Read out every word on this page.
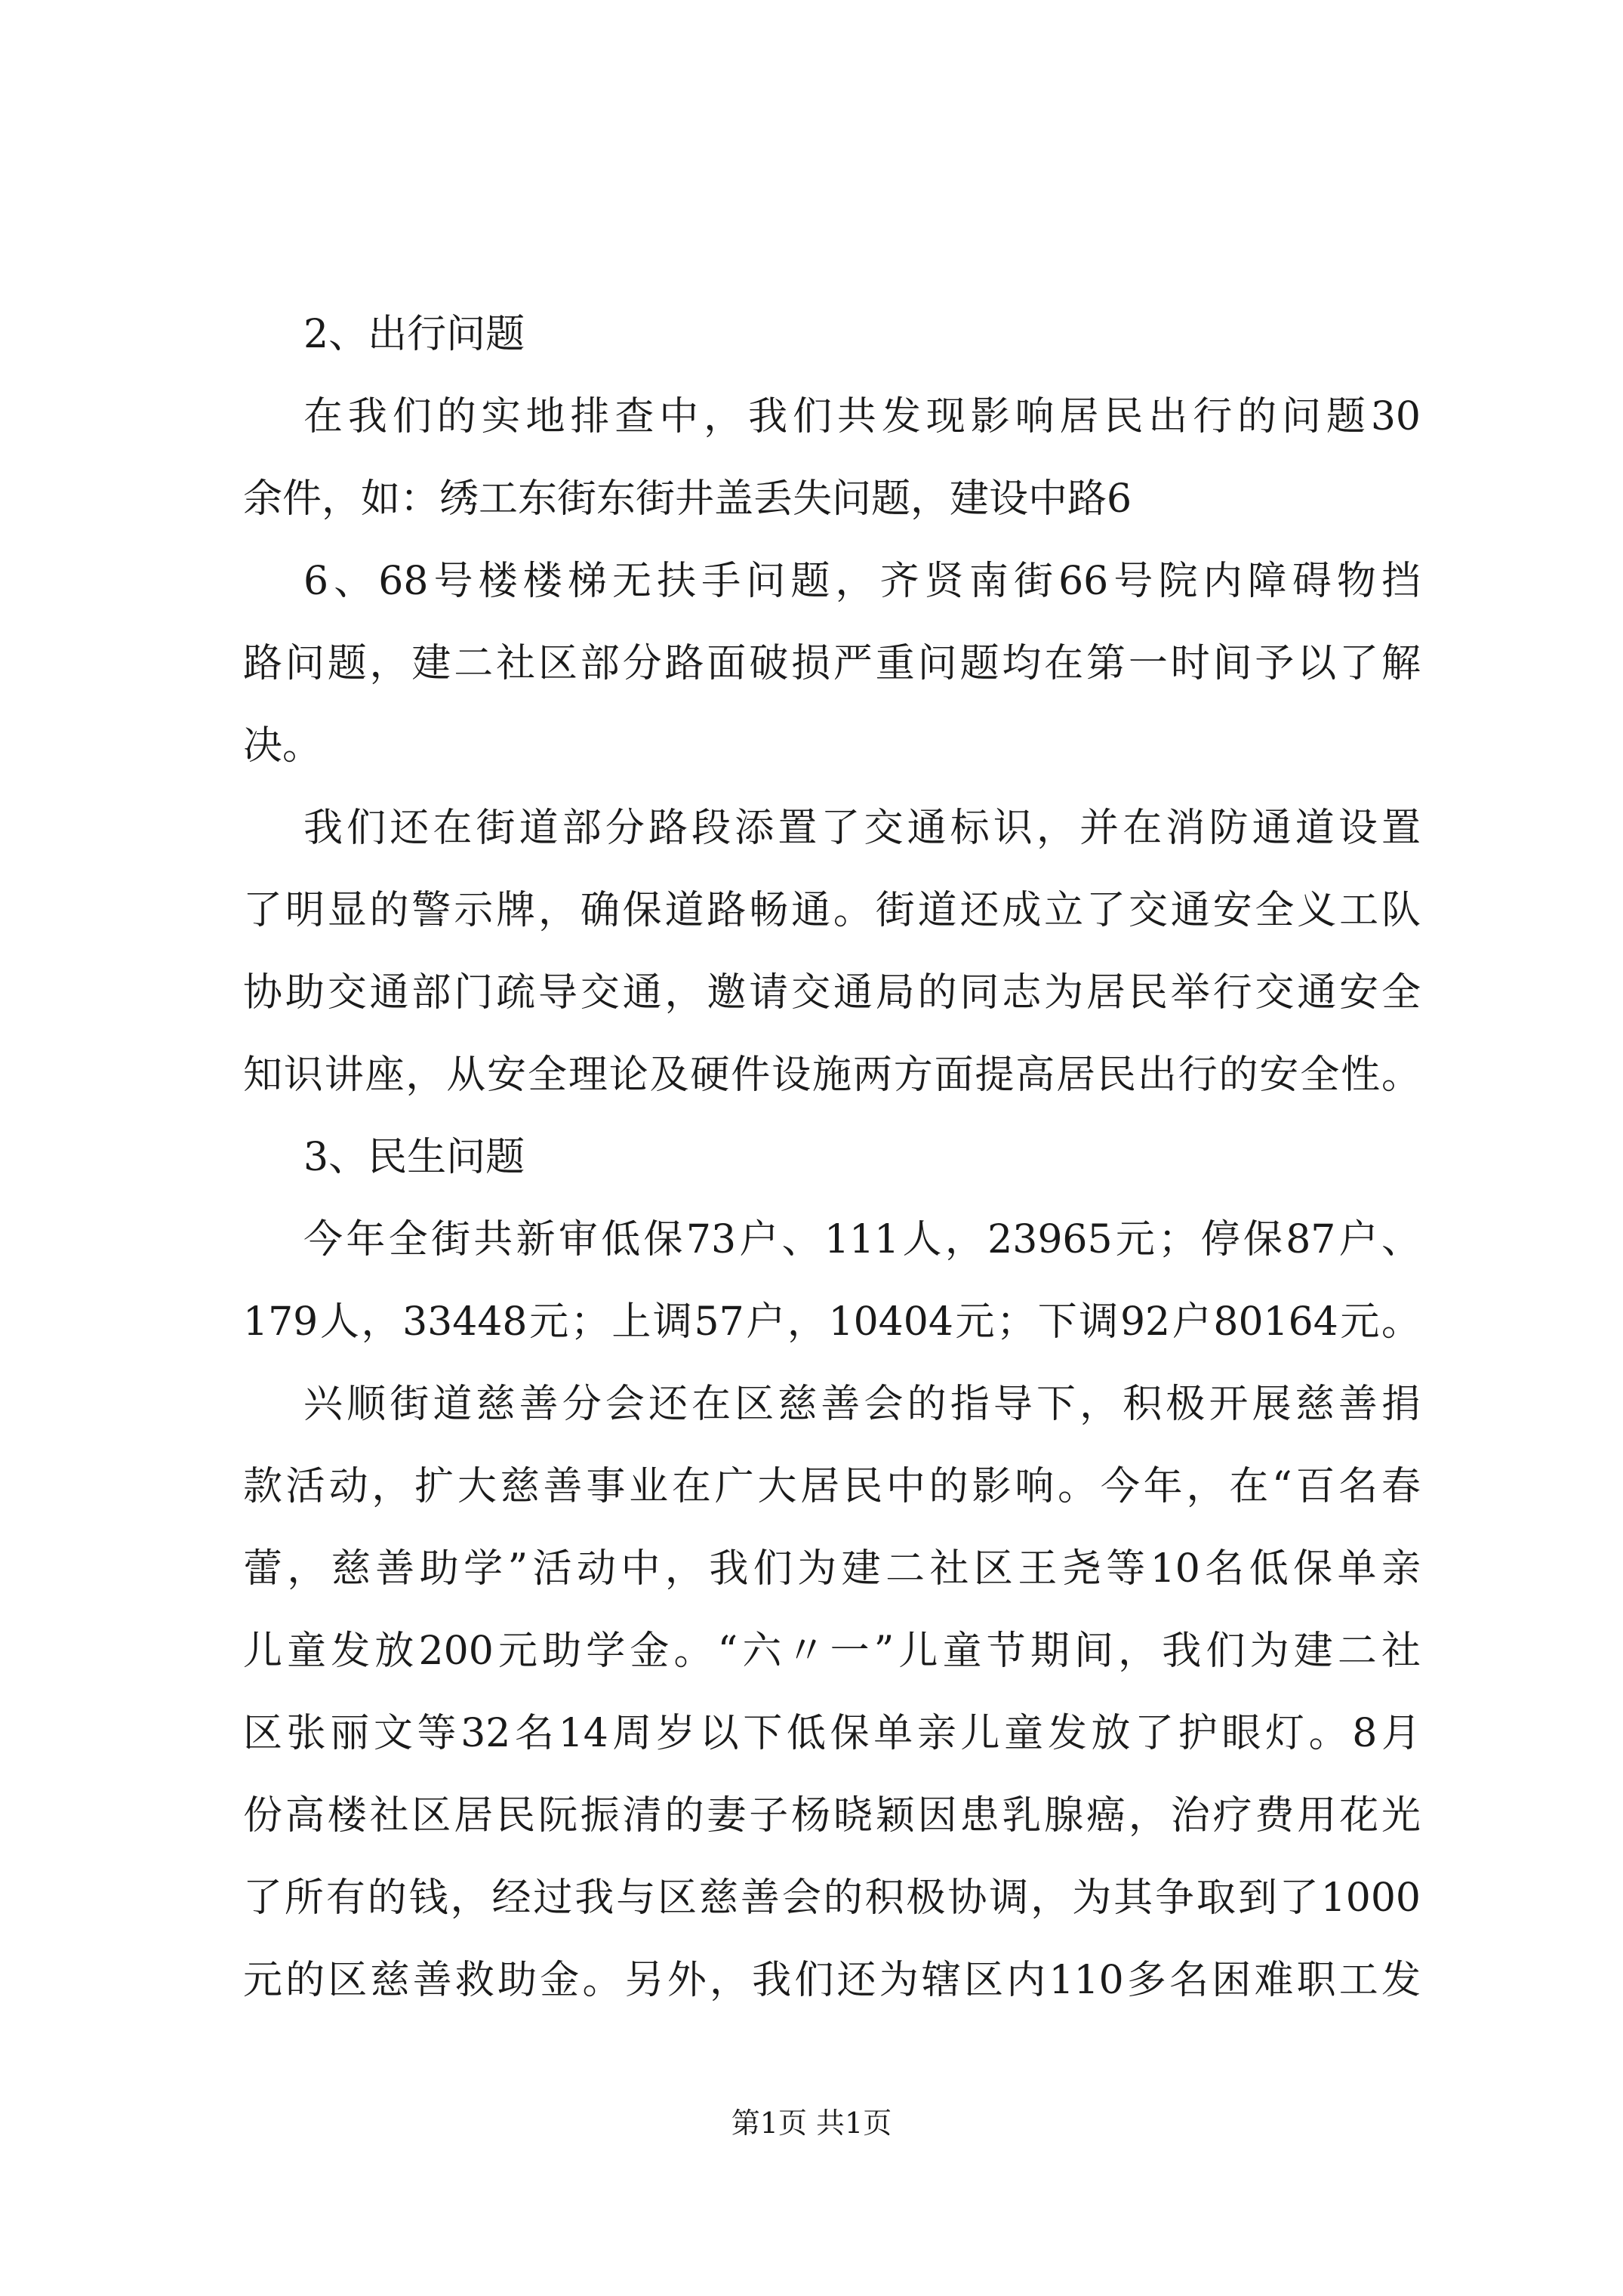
2、出行问题
在我们的实地排查中，我们共发现影响居民出行的问题30
余件，如：绣工东街东街井盖丢失问题，建设中路6
6、68号楼楼梯无扶手问题，齐贤南街66号院内障碍物挡
路问题，建二社区部分路面破损严重问题均在第一时间予以了解
决。
我们还在街道部分路段添置了交通标识，并在消防通道设置
了明显的警示牌，确保道路畅通。街道还成立了交通安全义工队
协助交通部门疏导交通，邀请交通局的同志为居民举行交通安全
知识讲座，从安全理论及硬件设施两方面提高居民出行的安全性。
3、民生问题
今年全街共新审低保73户、111人，23965元；停保87户、
179人，33448元；上调57户，10404元；下调92户80164元。
兴顺街道慈善分会还在区慈善会的指导下，积极开展慈善捐
款活动，扩大慈善事业在广大居民中的影响。今年，在“百名春
蕾，慈善助学”活动中，我们为建二社区王尧等10名低保单亲
儿童发放200元助学金。“六〃一”儿童节期间，我们为建二社
区张丽文等32名14周岁以下低保单亲儿童发放了护眼灯。8月
份高楼社区居民阮振清的妻子杨晓颖因患乳腺癌，治疗费用花光
了所有的钱，经过我与区慈善会的积极协调，为其争取到了1000
元的区慈善救助金。另外，我们还为辖区内110多名困难职工发
第1页 共1页
